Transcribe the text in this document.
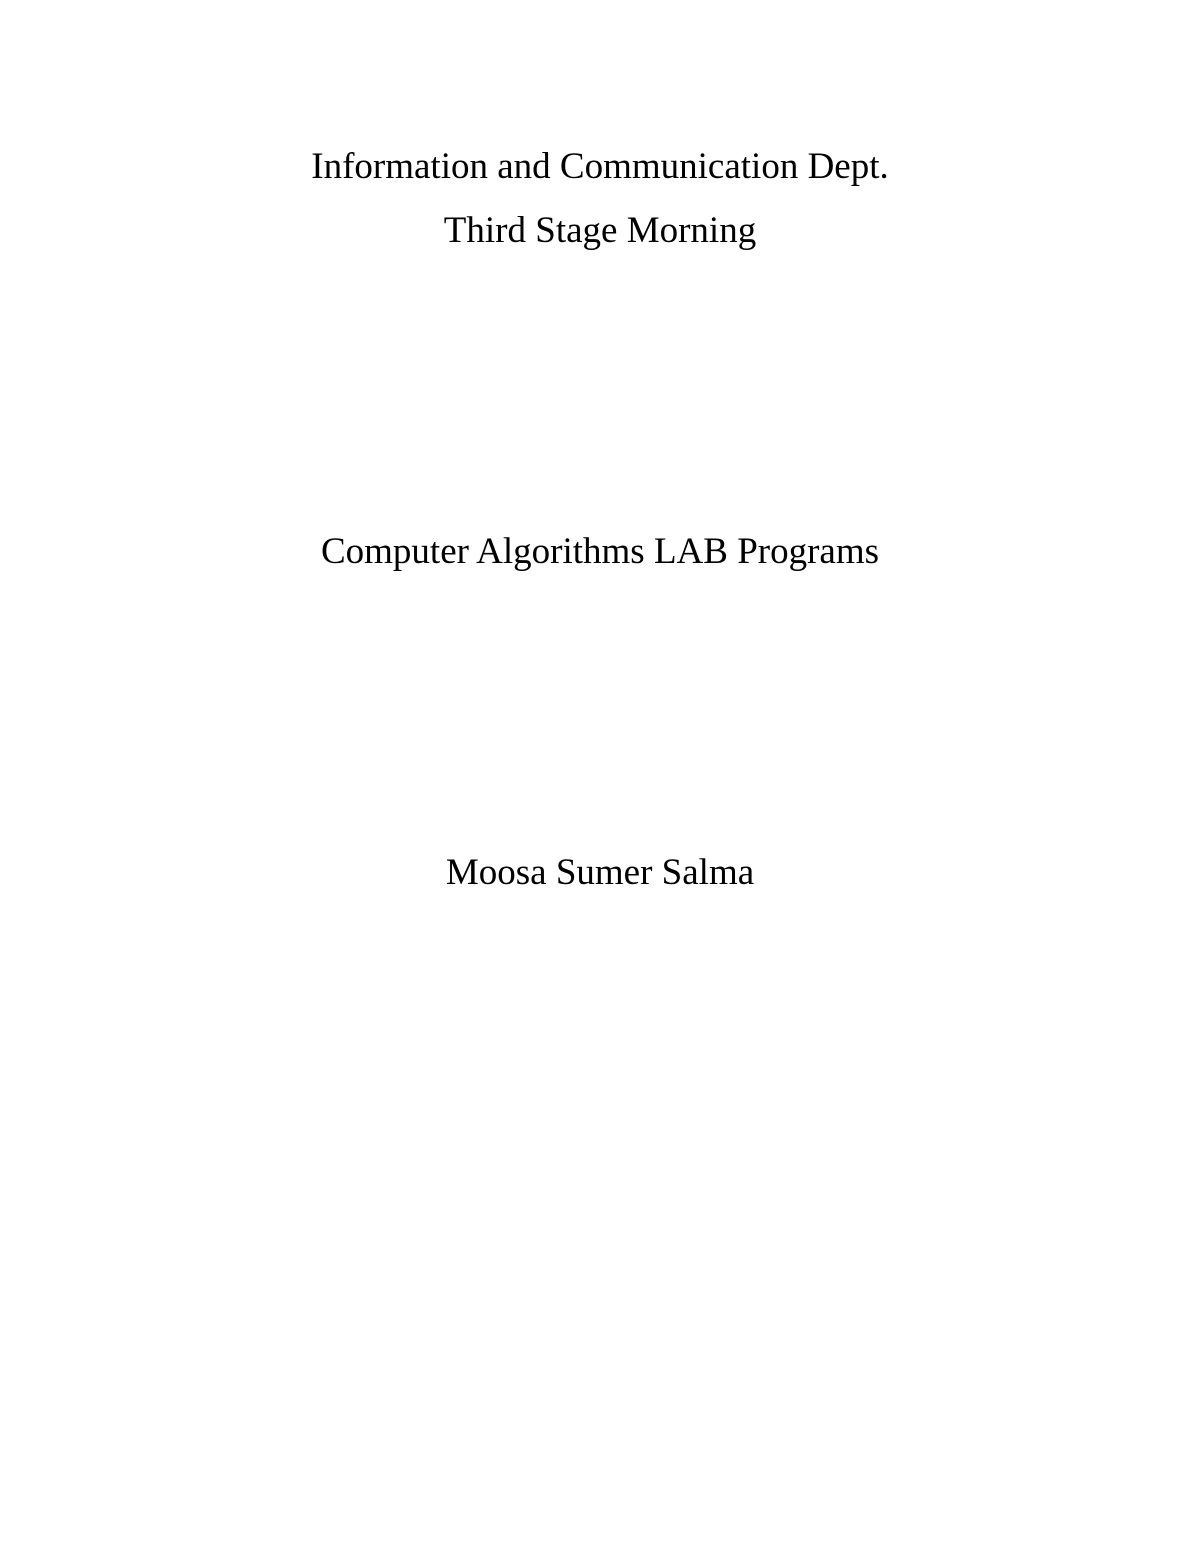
Information and Communication Dept.
Third Stage Morning
Computer Algorithms LAB Programs
Moosa Sumer Salma
